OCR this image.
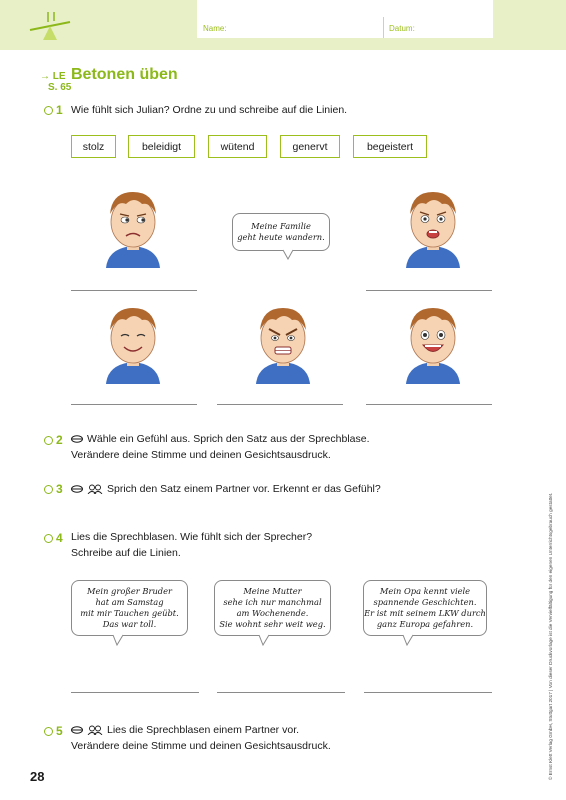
Name:	Datum:
→ LE
S. 65
Betonen üben
1 Wie fühlt sich Julian? Ordne zu und schreibe auf die Linien.
stolz	beleidigt	wütend	genervt	begeistert
Meine Familie
geht heute wandern.
2	Wähle ein Gefühl aus. Sprich den Satz aus der Sprechblase.
Verändere deine Stimme und deinen Gesichtsausdruck.
3	Sprich den Satz einem Partner vor. Erkennt er das Gefühl?
4 Lies die Sprechblasen. Wie fühlt sich der Sprecher?
Schreibe auf die Linien.
Mein großer Bruder
hat am Samstag
mit mir Tauchen geübt.
Das war toll.
Meine Mutter
sehe ich nur manchmal
am Wochenende.
Sie wohnt sehr weit weg.
Mein Opa kennt viele
spannende Geschichten.
Er ist mit seinem LKW durch
ganz Europa gefahren.
5	Lies die Sprechblasen einem Partner vor.
Verändere deine Stimme und deinen Gesichtsausdruck.
28	© Ernst Klett Verlag GmbH, Stuttgart 2017 | Von dieser Druckvorlage ist die Vervielfältigung für den eigenen Unterrichtsgebrauch gestattet.
